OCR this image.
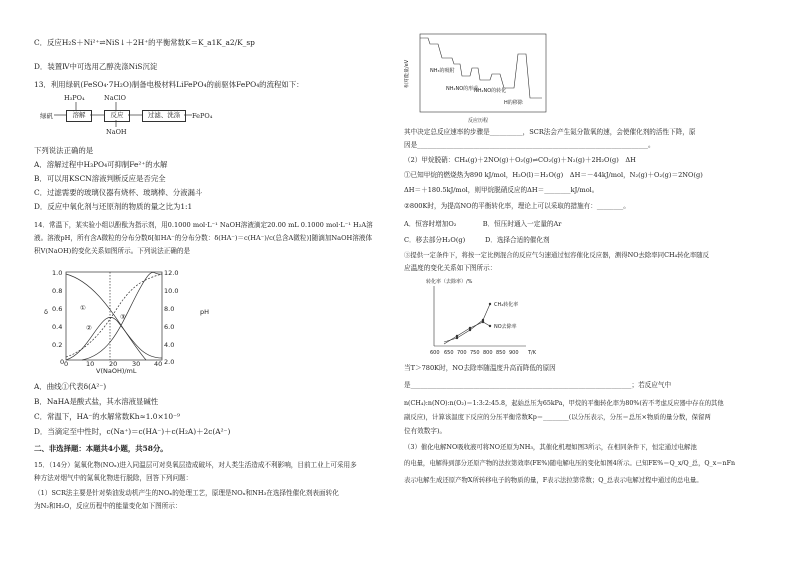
C．反应H₂S＋Ni²⁺⇌NiS↓＋2H⁺的平衡常数K＝K_a1K_a2/K_sp
D．装置Ⅳ中可选用乙醇洗涤NiS沉淀
13．利用绿矾(FeSO₄·7H₂O)制备电极材料LiFePO₄的前驱体FePO₄的流程如下：
H₃PO₄	NaClO
绿矾	溶解	反应	过滤、洗涤	FePO₄
NaOH
下列说法正确的是
A．溶解过程中H₃PO₄可抑制Fe²⁺的水解
B．可以用KSCN溶液判断反应是否完全
C．过滤需要的玻璃仪器有烧杯、玻璃棒、分液漏斗
D．反应中氧化剂与还原剂的物质的量之比为1:1
14．常温下，某实验小组以酚酞为指示剂，用0.1000 mol·L⁻¹ NaOH溶液滴定20.00 mL 0.1000 mol·L⁻¹ H₂A溶
液。溶液pH，所有含A微粒的分布分数δ[如HA⁻的分布分数：δ(HA⁻)＝c(HA⁻)/c(总含A微粒)]随滴加NaOH溶液体
积V(NaOH)的变化关系如图所示。下列说法正确的是
δ	pH
V(NaOH)/mL
1.0
0.8
0.6
0.4
0.2
0
12.0
10.0
8.0
6.0
4.0
2.0
0	10 20 30 40
①
②
③
A．曲线①代表δ(A²⁻)
B．NaHA是酸式盐，其水溶液显碱性
C．常温下，HA⁻的水解常数Kh≈1.0×10⁻⁹
D．当滴定至中性时，c(Na⁺)＝c(HA⁻)＋c(H₂A)＋2c(A²⁻)
二、非选择题：本题共4小题，共58分。
15．（14分）氮氧化物(NOₓ)进入同温层可对臭氧层造成破坏，对人类生活造成不利影响，目前工业上可采用多
种方法对烟气中的氮氧化物进行脱除，回答下列问题：
（1）SCR法主要是针对柴油发动机产生的NOₓ的处理工艺，原理是NOₓ和NH₃在选择性催化剂表面转化
为N₂和H₂O，反应历程中的能量变化如下图所示：
相对能量/eV
反应历程
NH₃的吸附
NH₂NO的形成
NH₂NO的转化
H的移除
其中决定总反应速率的步骤是__________，SCR法会产生氮分散氧的速，会使催化剂的活性下降，原
因是______________________________________________________________________。
（2）甲烷脱硝：CH₄(g)＋2NO(g)＋O₂(g)⇌CO₂(g)＋N₂(g)＋2H₂O(g)　ΔH
①已知甲烷的燃烧热为890 kJ/mol，H₂O(l)＝H₂O(g)　ΔH＝－44kJ/mol，N₂(g)＋O₂(g)＝2NO(g)
ΔH＝＋180.5kJ/mol，则甲烷脱硝反应的ΔH＝________kJ/mol。
②800K时，为提高NO的平衡转化率，理论上可以采取的措施有：________。
A．恒容时增加O₂　　　　B．恒压时通入一定量的Ar
C．移去部分H₂O(g)　　　D．选择合适的催化剂
③提供一定条件下，将按一定比例混合的反应气匀速通过恒容催化反应器，测得NO去除率同CH₄转化率随反
应温度的变化关系如下图所示：
转化率（去除率）/%
T/K
600 650 700 750 800 850 900
CH₄转化率
NO去除率
当T＞780K时，NO去除率随温度升高而降低的原因
是___________________________________________________________________；若反应气中
n(CH₄):n(NO):n(O₂)＝1:3:2:45.8，起始总压为65kPa，甲烷的平衡转化率为80%(若不考虑反应器中存在的其他
副反应)，计算该温度下反应的分压平衡常数Kp＝________(以分压表示，分压＝总压×物质的量分数，保留两
位有效数字)。
（3）催化电解NO吸收液可将NO还原为NH₃，其催化机理如图3所示，在相同条件下，恒定通过电解池
的电量，电解得到部分还原产物的法拉第效率(FE%)随电解电压的变化如图4所示。已知FE%＝Q_x/Q_总，Q_x＝nFn
表示电解生成还原产物X所转移电子的物质的量，F表示法拉第常数；Q_总表示电解过程中通过的总电量。
